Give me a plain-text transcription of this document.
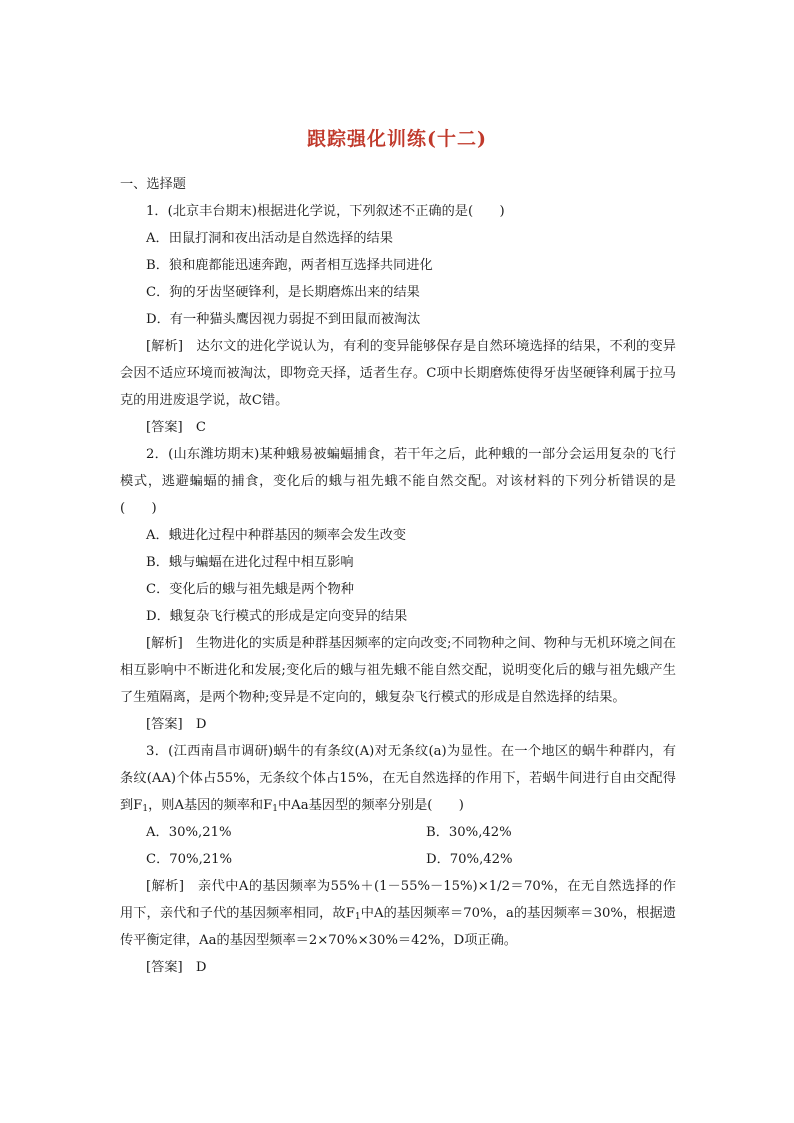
跟踪强化训练(十二)
一、选择题
1．(北京丰台期末)根据进化学说，下列叙述不正确的是(　　)
A．田鼠打洞和夜出活动是自然选择的结果
B．狼和鹿都能迅速奔跑，两者相互选择共同进化
C．狗的牙齿坚硬锋利，是长期磨炼出来的结果
D．有一种猫头鹰因视力弱捉不到田鼠而被淘汰
[解析]　达尔文的进化学说认为，有利的变异能够保存是自然环境选择的结果，不利的变异会因不适应环境而被淘汰，即物竞天择，适者生存。C项中长期磨炼使得牙齿坚硬锋利属于拉马克的用进废退学说，故C错。
[答案]　C
2．(山东潍坊期末)某种蛾易被蝙蝠捕食，若干年之后，此种蛾的一部分会运用复杂的飞行模式，逃避蝙蝠的捕食，变化后的蛾与祖先蛾不能自然交配。对该材料的下列分析错误的是(　　)
A．蛾进化过程中种群基因的频率会发生改变
B．蛾与蝙蝠在进化过程中相互影响
C．变化后的蛾与祖先蛾是两个物种
D．蛾复杂飞行模式的形成是定向变异的结果
[解析]　生物进化的实质是种群基因频率的定向改变;不同物种之间、物种与无机环境之间在相互影响中不断进化和发展;变化后的蛾与祖先蛾不能自然交配，说明变化后的蛾与祖先蛾产生了生殖隔离，是两个物种;变异是不定向的，蛾复杂飞行模式的形成是自然选择的结果。
[答案]　D
3．(江西南昌市调研)蜗牛的有条纹(A)对无条纹(a)为显性。在一个地区的蜗牛种群内，有条纹(AA)个体占55%，无条纹个体占15%，在无自然选择的作用下，若蜗牛间进行自由交配得到$F_1$，则A基因的频率和$F_1$中Aa基因型的频率分别是(　　)
A．30%,21%	B．30%,42%
C．70%,21%	D．70%,42%
[解析]　亲代中A的基因频率为55%＋(1－55%－15%)×1/2＝70%，在无自然选择的作用下，亲代和子代的基因频率相同，故$F_1$中A的基因频率＝70%，a的基因频率＝30%，根据遗传平衡定律，Aa的基因型频率＝2×70%×30%＝42%，D项正确。
[答案]　D
